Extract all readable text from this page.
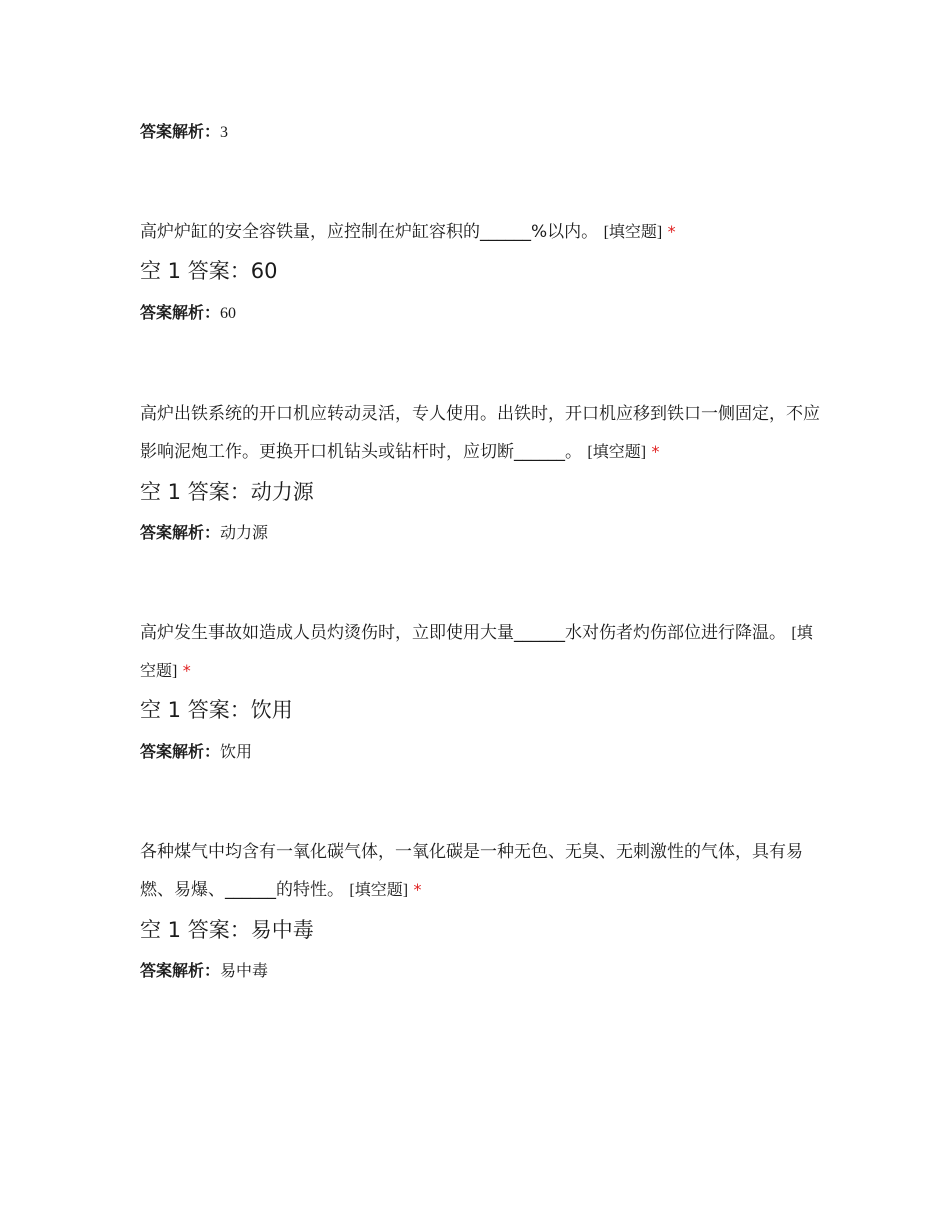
答案解析：3
高炉炉缸的安全容铁量，应控制在炉缸容积的______%以内。 [填空题] *
空 1 答案：60
答案解析：60
高炉出铁系统的开口机应转动灵活，专人使用。出铁时，开口机应移到铁口一侧固定，不应影响泥炮工作。更换开口机钻头或钻杆时，应切断______。 [填空题] *
空 1 答案：动力源
答案解析：动力源
高炉发生事故如造成人员灼烫伤时，立即使用大量______水对伤者灼伤部位进行降温。 [填空题] *
空 1 答案：饮用
答案解析：饮用
各种煤气中均含有一氧化碳气体，一氧化碳是一种无色、无臭、无刺激性的气体，具有易燃、易爆、______的特性。 [填空题] *
空 1 答案：易中毒
答案解析：易中毒
